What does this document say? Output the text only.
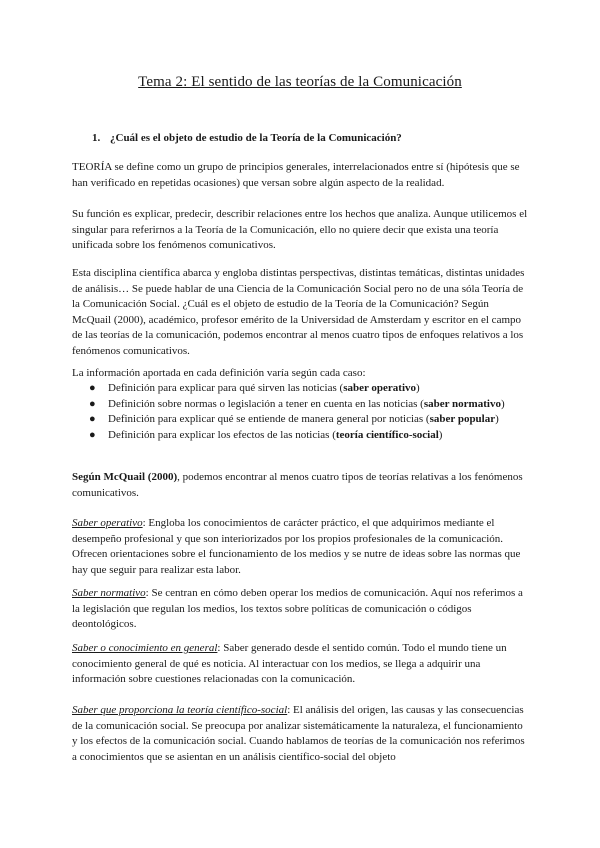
Tema 2: El sentido de las teorías de la Comunicación
1. ¿Cuál es el objeto de estudio de la Teoría de la Comunicación?

TEORÍA se define como un grupo de principios generales, interrelacionados entre sí (hipótesis que se han verificado en repetidas ocasiones) que versan sobre algún aspecto de la realidad.

Su función es explicar, predecir, describir relaciones entre los hechos que analiza. Aunque utilicemos el singular para referirnos a la Teoría de la Comunicación, ello no quiere decir que exista una teoría unificada sobre los fenómenos comunicativos.

Esta disciplina científica abarca y engloba distintas perspectivas, distintas temáticas, distintas unidades de análisis… Se puede hablar de una Ciencia de la Comunicación Social pero no de una sóla Teoría de la Comunicación Social. ¿Cuál es el objeto de estudio de la Teoría de la Comunicación? Según McQuail (2000), académico, profesor emérito de la Universidad de Amsterdam y escritor en el campo de las teorías de la comunicación, podemos encontrar al menos cuatro tipos de enfoques relativos a los fenómenos comunicativos.

La información aportada en cada definición varía según cada caso:

● Definición para explicar para qué sirven las noticias (saber operativo)
● Definición sobre normas o legislación a tener en cuenta en las noticias (saber normativo)
● Definición para explicar qué se entiende de manera general por noticias (saber popular)
● Definición para explicar los efectos de las noticias (teoría científico-social)

Según McQuail (2000), podemos encontrar al menos cuatro tipos de teorías relativas a los fenómenos comunicativos.

Saber operativo: Engloba los conocimientos de carácter práctico, el que adquirimos mediante el desempeño profesional y que son interiorizados por los propios profesionales de la comunicación. Ofrecen orientaciones sobre el funcionamiento de los medios y se nutre de ideas sobre las normas que hay que seguir para realizar esta labor.

Saber normativo: Se centran en cómo deben operar los medios de comunicación. Aquí nos referimos a la legislación que regulan los medios, los textos sobre políticas de comunicación o códigos deontológicos.

Saber o conocimiento en general: Saber generado desde el sentido común. Todo el mundo tiene un conocimiento general de qué es noticia. Al interactuar con los medios, se llega a adquirir una información sobre cuestiones relacionadas con la comunicación.

Saber que proporciona la teoría científico-social: El análisis del origen, las causas y las consecuencias de la comunicación social. Se preocupa por analizar sistemáticamente la naturaleza, el funcionamiento y los efectos de la comunicación social. Cuando hablamos de teorías de la comunicación nos referimos a conocimientos que se asientan en un análisis científico-social del objeto
